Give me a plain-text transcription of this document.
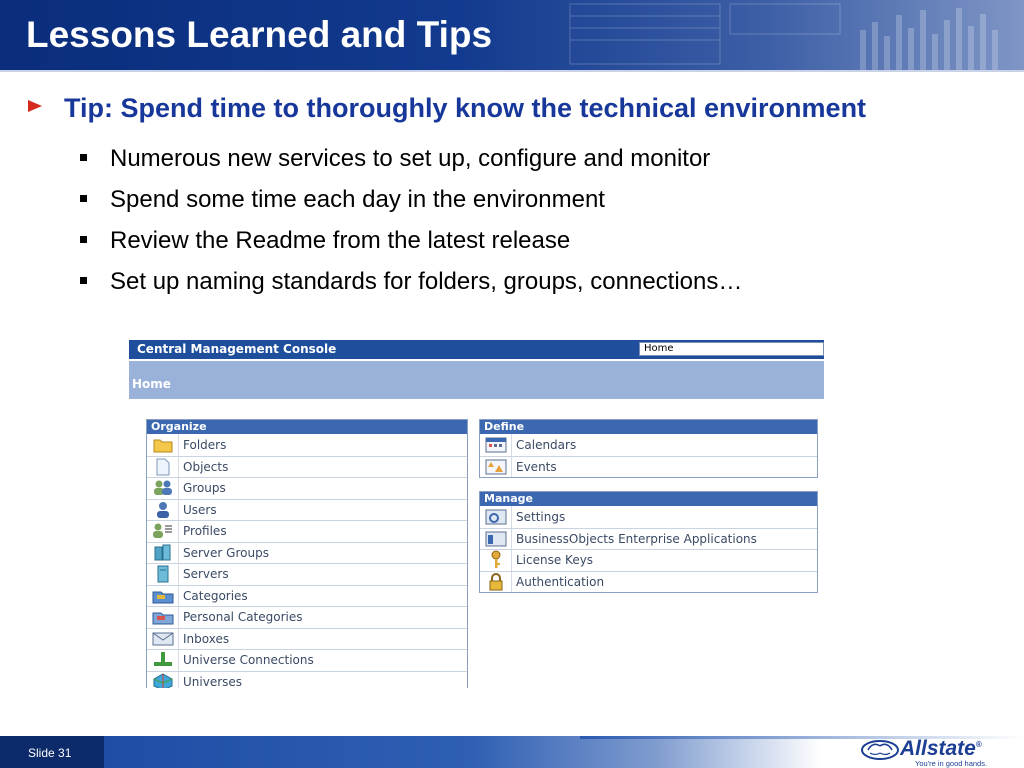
Lessons Learned and Tips
Tip: Spend time to thoroughly know the technical environment
Numerous new services to set up, configure and monitor
Spend some time each day in the environment
Review the Readme from the latest release
Set up naming standards for folders, groups, connections…
Central Management Console	Home
Home
Organize
Folders
Objects
Groups
Users
Profiles
Server Groups
Servers
Categories
Personal Categories
Inboxes
Universe Connections
Universes
Define
Calendars
Events
Manage
Settings
BusinessObjects Enterprise Applications
License Keys
Authentication
Slide 31	Allstate®
You're in good hands.
